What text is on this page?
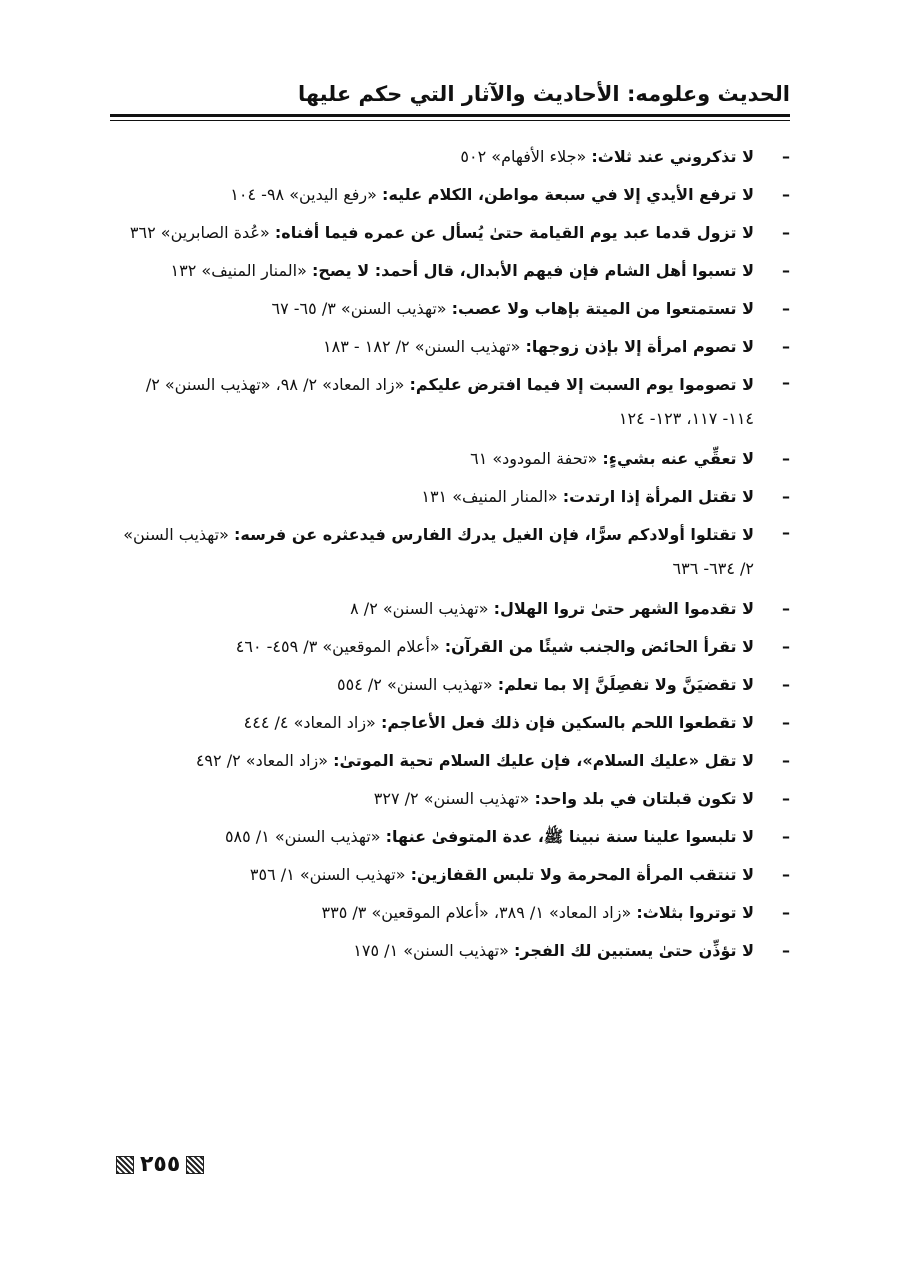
الحديث وعلومه: الأحاديث والآثار التي حكم عليها
–
لا تذكروني عند ثلاث: «جلاء الأفهام» ٥٠٢
–
لا ترفع الأيدي إلا في سبعة مواطن، الكلام عليه: «رفع اليدين» ٩٨- ١٠٤
–
لا تزول قدما عبد يوم القيامة حتىٰ يُسأل عن عمره فيما أفناه: «عُدة الصابرين» ٣٦٢
–
لا تسبوا أهل الشام فإن فيهم الأبدال، قال أحمد: لا يصح: «المنار المنيف» ١٣٢
–
لا تستمتعوا من الميتة بإهاب ولا عصب: «تهذيب السنن» ٣/ ٦٥- ٦٧
–
لا تصوم امرأة إلا بإذن زوجها: «تهذيب السنن» ٢/ ١٨٢ - ١٨٣
–
لا تصوموا يوم السبت إلا فيما افترض عليكم: «زاد المعاد» ٢/ ٩٨، «تهذيب السنن» ٢/ ١١٤- ١١٧، ١٢٣- ١٢٤
–
لا تعقِّي عنه بشيءٍ: «تحفة المودود» ٦١
–
لا تقتل المرأة إذا ارتدت: «المنار المنيف» ١٣١
–
لا تقتلوا أولادكم سرًّا، فإن الغيل يدرك الفارس فيدعثره عن فرسه: «تهذيب السنن» ٢/ ٦٣٤- ٦٣٦
–
لا تقدموا الشهر حتىٰ تروا الهلال: «تهذيب السنن» ٢/ ٨
–
لا تقرأ الحائض والجنب شيئًا من القرآن: «أعلام الموقعين» ٣/ ٤٥٩- ٤٦٠
–
لا تقضيَنَّ ولا تفصِلَنَّ إلا بما تعلم: «تهذيب السنن» ٢/ ٥٥٤
–
لا تقطعوا اللحم بالسكين فإن ذلك فعل الأعاجم: «زاد المعاد» ٤/ ٤٤٤
–
لا تقل «عليك السلام»، فإن عليك السلام تحية الموتىٰ: «زاد المعاد» ٢/ ٤٩٢
–
لا تكون قبلتان في بلد واحد: «تهذيب السنن» ٢/ ٣٢٧
–
لا تلبسوا علينا سنة نبينا ﷺ، عدة المتوفىٰ عنها: «تهذيب السنن» ١/ ٥٨٥
–
لا تنتقب المرأة المحرمة ولا تلبس القفازين: «تهذيب السنن» ١/ ٣٥٦
–
لا توتروا بثلاث: «زاد المعاد» ١/ ٣٨٩، «أعلام الموقعين» ٣/ ٣٣٥
–
لا تؤذِّن حتىٰ يستبين لك الفجر: «تهذيب السنن» ١/ ١٧٥
٢٥٥
